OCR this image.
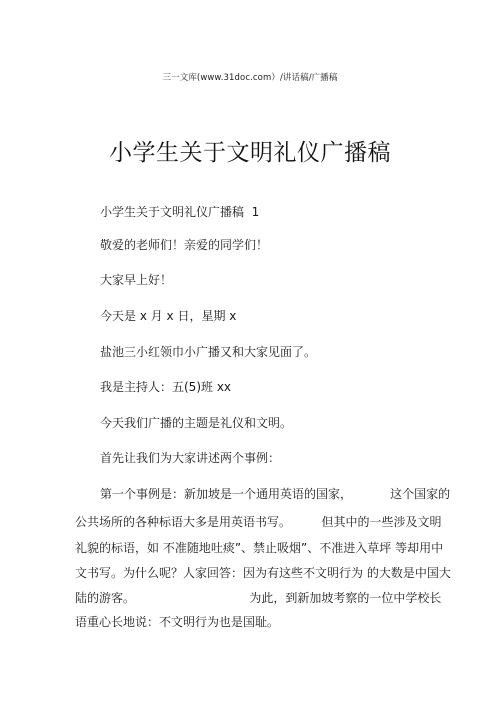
三一文库(www.31doc.com）/讲话稿/广播稿
小学生关于文明礼仪广播稿
小学生关于文明礼仪广播稿  1
敬爱的老师们！亲爱的同学们！
大家早上好！
今天是 x 月 x 日，星期 x
盐池三小红领巾小广播又和大家见面了。
我是主持人：五(5)班 xx
今天我们广播的主题是礼仪和文明。
首先让我们为大家讲述两个事例：
第一个事例是：新加坡是一个通用英语的国家，          这个国家的
公共场所的各种标语大多是用英语书写。        但其中的一些涉及文明
礼貌的标语，如 不准随地吐痰”、禁止吸烟”、不准进入草坪 等却用中
文书写。为什么呢？人家回答：因为有这些不文明行为 的大数是中国大
陆的游客。                              为此，到新加坡考察的一位中学校长
语重心长地说：不文明行为也是国耻。
